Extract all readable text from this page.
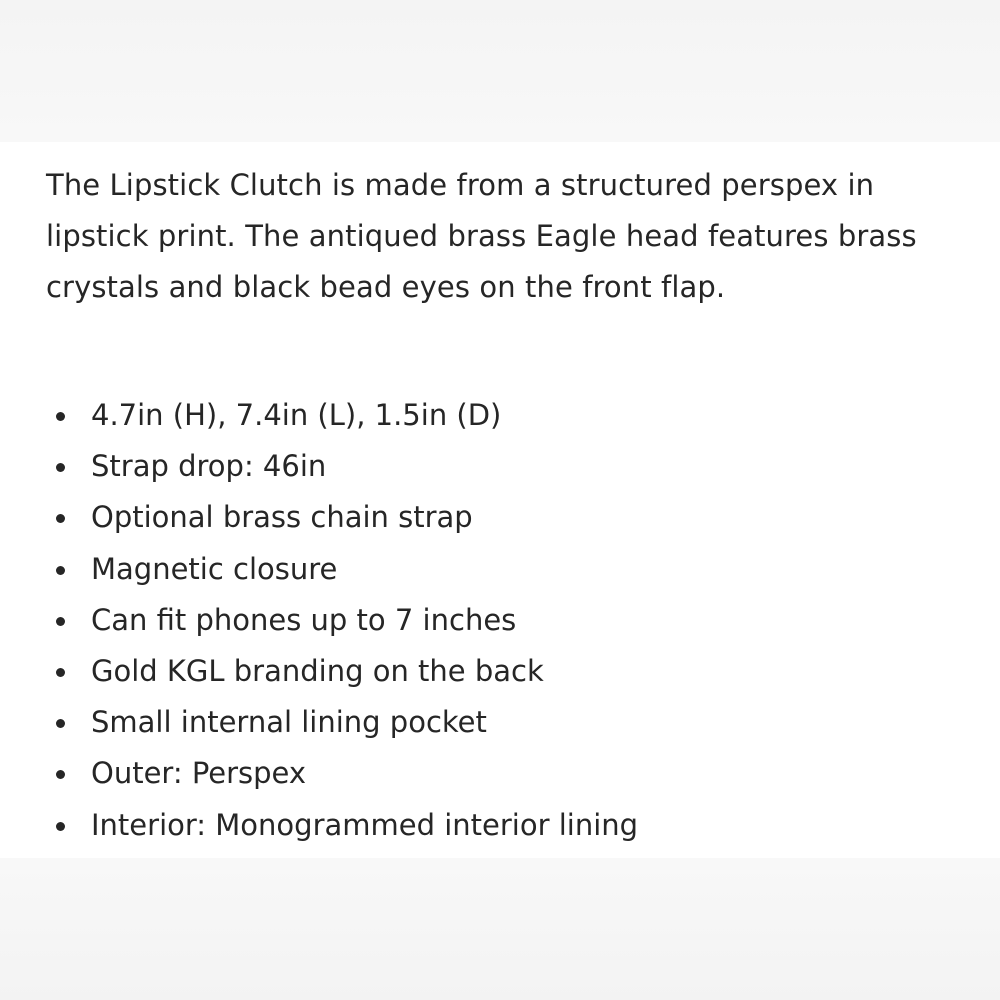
The Lipstick Clutch is made from a structured perspex in lipstick print. The antiqued brass Eagle head features brass crystals and black bead eyes on the front flap.

4.7in (H), 7.4in (L), 1.5in (D)
Strap drop: 46in
Optional brass chain strap
Magnetic closure
Can fit phones up to 7 inches
Gold KGL branding on the back
Small internal lining pocket
Outer: Perspex
Interior: Monogrammed interior lining
